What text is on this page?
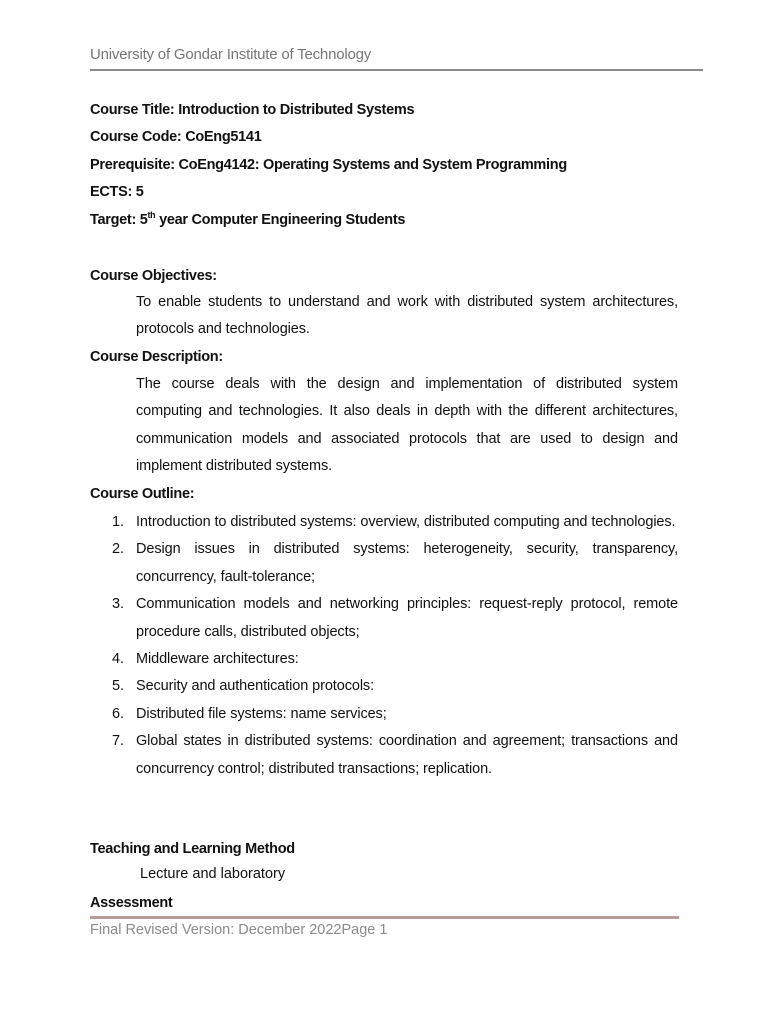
University of Gondar Institute of Technology
Course Title: Introduction to Distributed Systems
Course Code: CoEng5141
Prerequisite: CoEng4142: Operating Systems and System Programming
ECTS: 5
Target: 5th year Computer Engineering Students
Course Objectives:
To enable students to understand and work with distributed system architectures, protocols and technologies.
Course Description:
The course deals with the design and implementation of distributed system computing and technologies. It also deals in depth with the different architectures, communication models and associated protocols that are used to design and implement distributed systems.
Course Outline:
1. Introduction to distributed systems: overview, distributed computing and technologies.
2. Design issues in distributed systems: heterogeneity, security, transparency, concurrency, fault-tolerance;
3. Communication models and networking principles: request-reply protocol, remote procedure calls, distributed objects;
4. Middleware architectures:
5. Security and authentication protocols:
6. Distributed file systems: name services;
7. Global states in distributed systems: coordination and agreement; transactions and concurrency control; distributed transactions; replication.
Teaching and Learning Method
Lecture and laboratory
Assessment
Final Revised Version: December 2022Page 1
